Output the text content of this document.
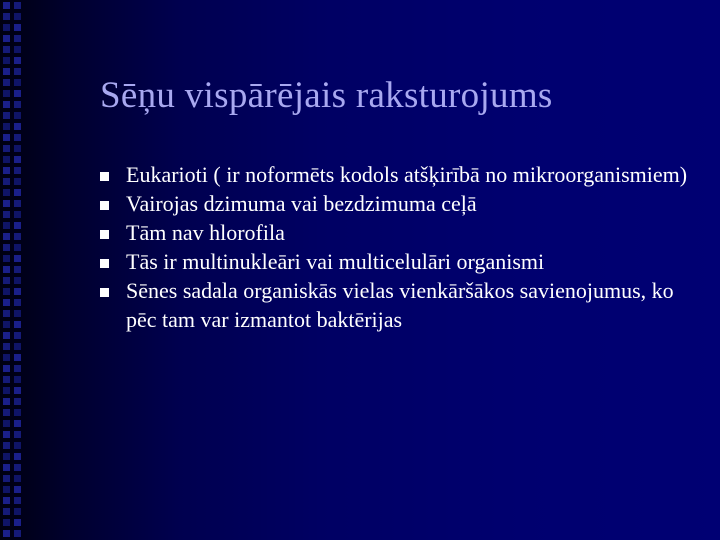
Sēņu vispārējais raksturojums
Eukarioti ( ir noformēts kodols atšķirībā no mikroorganismiem)
Vairojas dzimuma vai bezdzimuma ceļā
Tām nav hlorofila
Tās ir multinukleāri vai multicelulāri organismi
Sēnes sadala organiskās vielas vienkāršākos savienojumus, ko pēc tam var izmantot baktērijas
